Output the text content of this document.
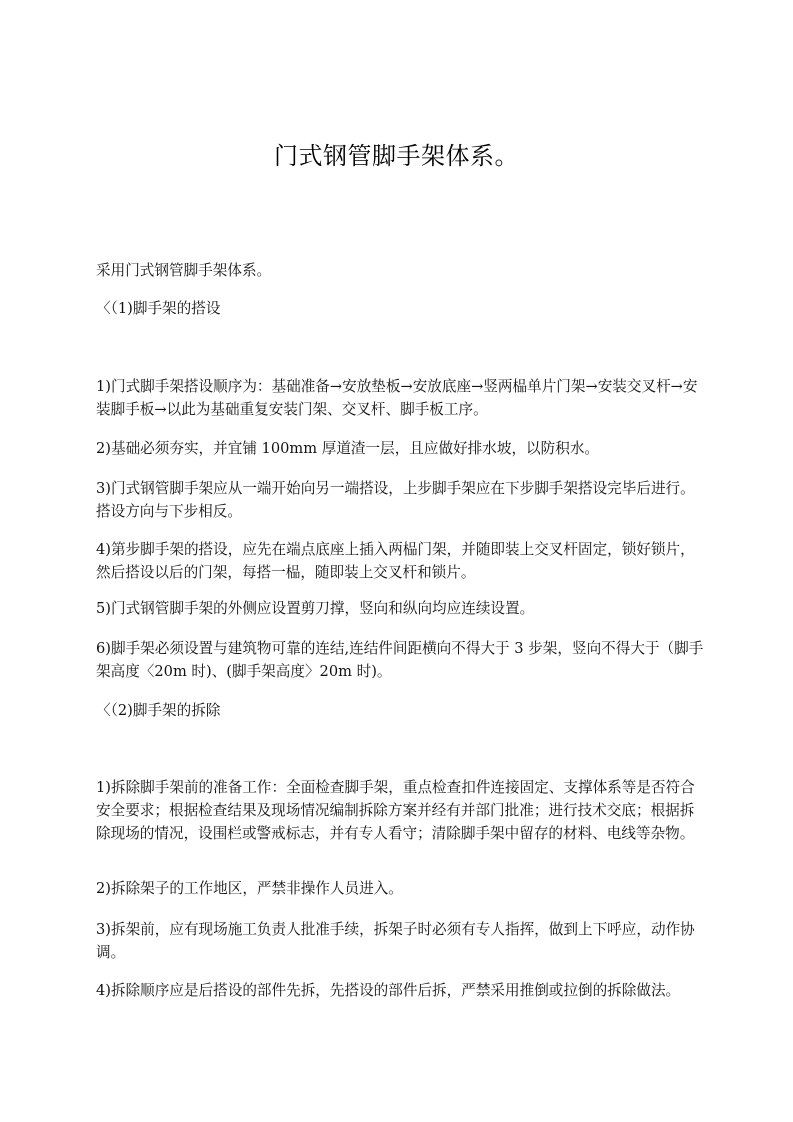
门式钢管脚手架体系。

采用门式钢管脚手架体系。

〈（1)脚手架的搭设

1)门式脚手架搭设顺序为：基础准备→安放垫板→安放底座→竖两榀单片门架→安装交叉杆→安装脚手板→以此为基础重复安装门架、交叉杆、脚手板工序。

2)基础必须夯实，并宜铺 100mm 厚道渣一层，且应做好排水坡，以防积水。

3)门式钢管脚手架应从一端开始向另一端搭设，上步脚手架应在下步脚手架搭设完毕后进行。搭设方向与下步相反。

4)第步脚手架的搭设，应先在端点底座上插入两榀门架，并随即装上交叉杆固定，锁好锁片，然后搭设以后的门架，每搭一榀，随即装上交叉杆和锁片。

5)门式钢管脚手架的外侧应设置剪刀撑，竖向和纵向均应连续设置。

6)脚手架必须设置与建筑物可靠的连结,连结件间距横向不得大于 3 步架，竖向不得大于（脚手架高度〈20m 时)、(脚手架高度〉20m 时)。

〈（2)脚手架的拆除

1)拆除脚手架前的准备工作：全面检查脚手架，重点检查扣件连接固定、支撑体系等是否符合安全要求；根据检查结果及现场情况编制拆除方案并经有并部门批准；进行技术交底；根据拆除现场的情况，设围栏或警戒标志，并有专人看守；清除脚手架中留存的材料、电线等杂物。

2)拆除架子的工作地区，严禁非操作人员进入。

3)拆架前，应有现场施工负责人批准手续，拆架子时必须有专人指挥，做到上下呼应，动作协调。

4)拆除顺序应是后搭设的部件先拆，先搭设的部件后拆，严禁采用推倒或拉倒的拆除做法。
